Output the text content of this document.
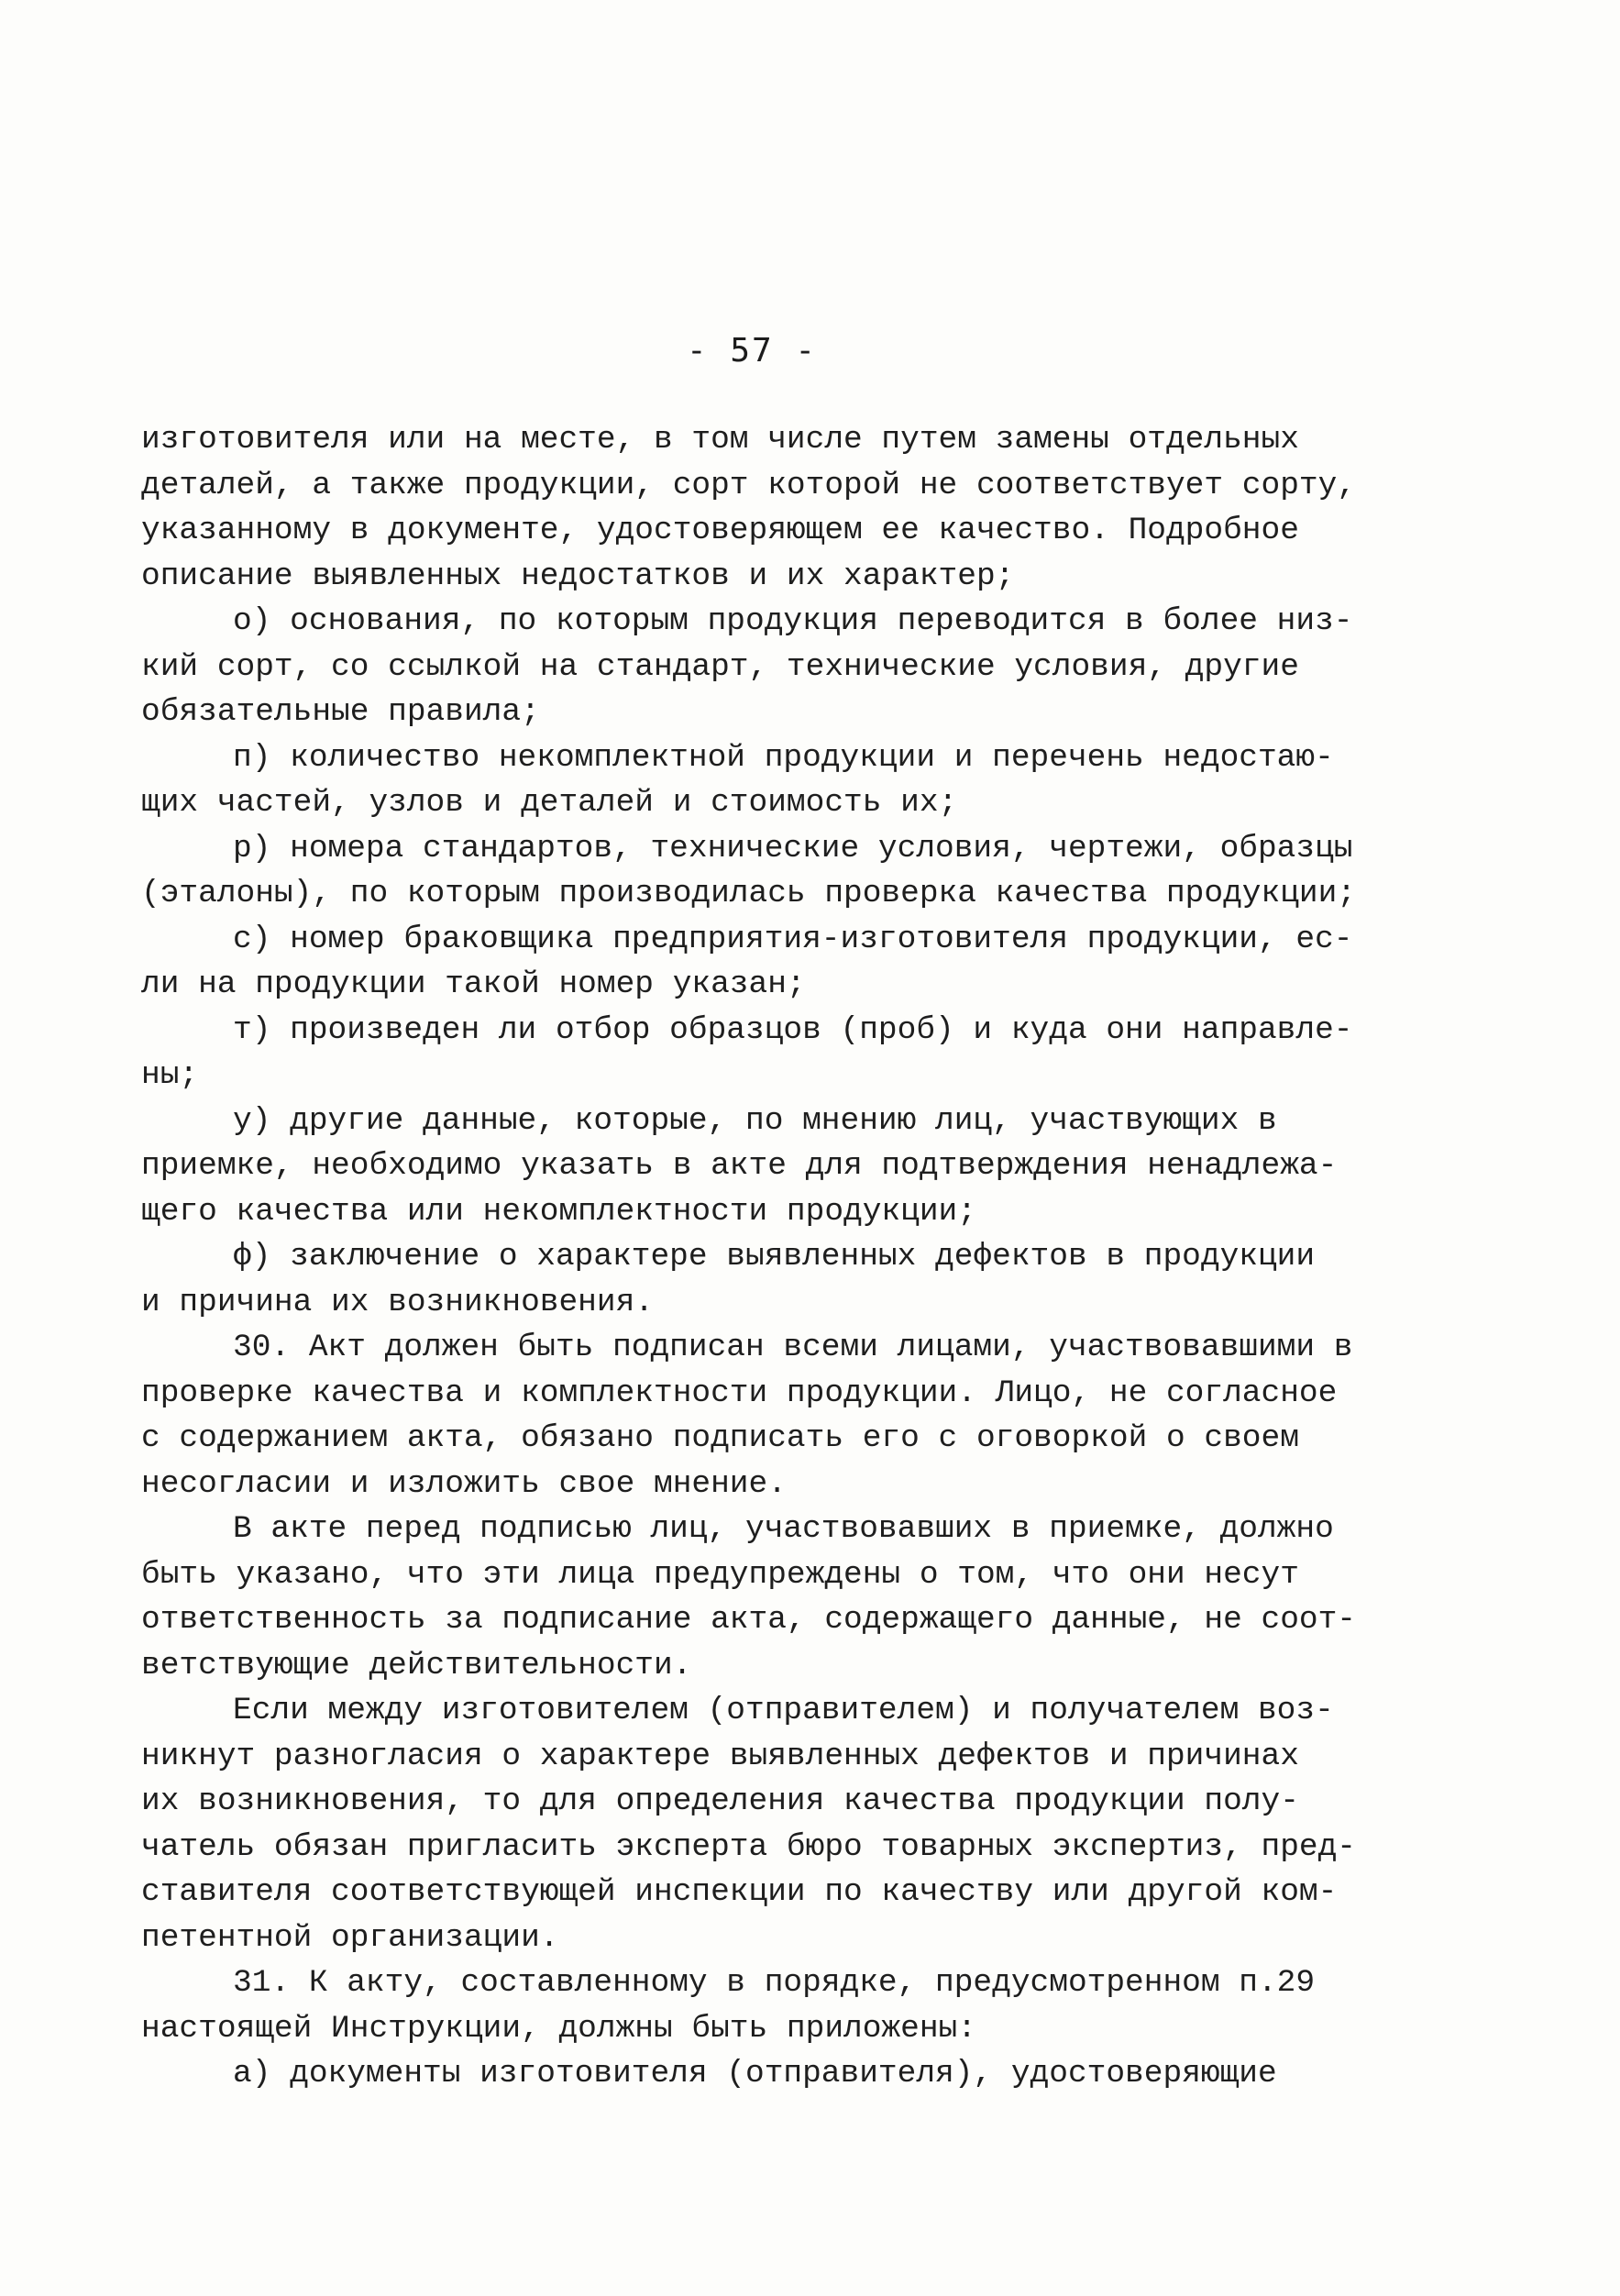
- 57 -
изготовителя или на месте, в том числе путем замены отдельных
деталей, а также продукции, сорт которой не соответствует сорту,
указанному в документе, удостоверяющем ее качество. Подробное
описание выявленных недостатков и их характер;
о) основания, по которым продукция переводится в более низ-
кий сорт, со ссылкой на стандарт, технические условия, другие
обязательные правила;
п) количество некомплектной продукции и перечень недостаю-
щих частей, узлов и деталей и стоимость их;
р) номера стандартов, технические условия, чертежи, образцы
(эталоны), по которым производилась проверка качества продукции;
с) номер браковщика предприятия-изготовителя продукции, ес-
ли на продукции такой номер указан;
т) произведен ли отбор образцов (проб) и куда они направле-
ны;
у) другие данные, которые, по мнению лиц, участвующих в
приемке, необходимо указать в акте для подтверждения ненадлежа-
щего качества или некомплектности продукции;
ф) заключение о характере выявленных дефектов в продукции
и причина их возникновения.
30. Акт должен быть подписан всеми лицами, участвовавшими в
проверке качества и комплектности продукции. Лицо, не согласное
с содержанием акта, обязано подписать его с оговоркой о своем
несогласии и изложить свое мнение.
В акте перед подписью лиц, участвовавших в приемке, должно
быть указано, что эти лица предупреждены о том, что они несут
ответственность за подписание акта, содержащего данные, не соот-
ветствующие действительности.
Если между изготовителем (отправителем) и получателем воз-
никнут разногласия о характере выявленных дефектов и причинах
их возникновения, то для определения качества продукции полу-
чатель обязан пригласить эксперта бюро товарных экспертиз, пред-
ставителя соответствующей инспекции по качеству или другой ком-
петентной организации.
31. К акту, составленному в порядке, предусмотренном п.29
настоящей Инструкции, должны быть приложены:
а) документы изготовителя (отправителя), удостоверяющие
